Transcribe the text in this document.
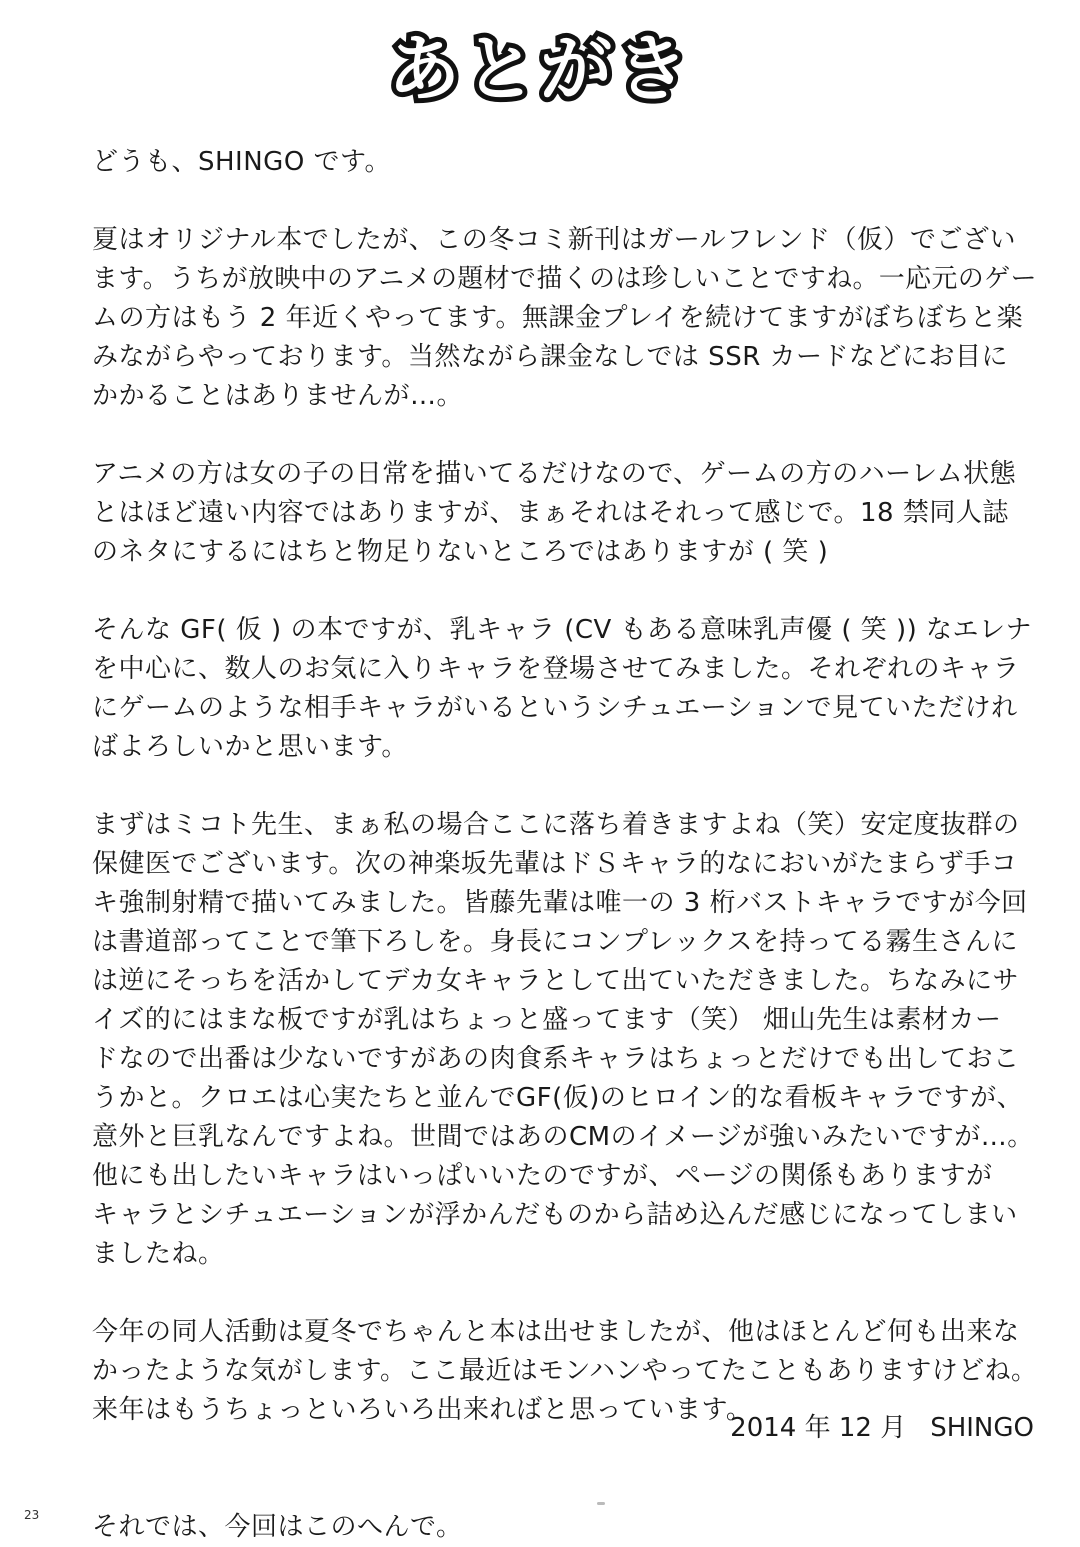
あとがき
どうも、SHINGO です。
夏はオリジナル本でしたが、この冬コミ新刊はガールフレンド（仮）でござい
ます。うちが放映中のアニメの題材で描くのは珍しいことですね。一応元のゲー
ムの方はもう 2 年近くやってます。無課金プレイを続けてますがぼちぼちと楽
みながらやっております。当然ながら課金なしでは SSR カードなどにお目に
かかることはありませんが…。
アニメの方は女の子の日常を描いてるだけなので、ゲームの方のハーレム状態
とはほど遠い内容ではありますが、まぁそれはそれって感じで。18 禁同人誌
のネタにするにはちと物足りないところではありますが ( 笑 )
そんな GF( 仮 ) の本ですが、乳キャラ (CV もある意味乳声優 ( 笑 )) なエレナ
を中心に、数人のお気に入りキャラを登場させてみました。それぞれのキャラ
にゲームのような相手キャラがいるというシチュエーションで見ていただけれ
ばよろしいかと思います。
まずはミコト先生、まぁ私の場合ここに落ち着きますよね（笑）安定度抜群の
保健医でございます。次の神楽坂先輩はドＳキャラ的なにおいがたまらず手コ
キ強制射精で描いてみました。皆藤先輩は唯一の 3 桁バストキャラですが今回
は書道部ってことで筆下ろしを。身長にコンプレックスを持ってる霧生さんに
は逆にそっちを活かしてデカ女キャラとして出ていただきました。ちなみにサ
イズ的にはまな板ですが乳はちょっと盛ってます（笑） 畑山先生は素材カー
ドなので出番は少ないですがあの肉食系キャラはちょっとだけでも出しておこ
うかと。クロエは心実たちと並んでGF(仮)のヒロイン的な看板キャラですが、
意外と巨乳なんですよね。世間ではあのCMのイメージが強いみたいですが…。
他にも出したいキャラはいっぱいいたのですが、ページの関係もありますが
キャラとシチュエーションが浮かんだものから詰め込んだ感じになってしまい
ましたね。
今年の同人活動は夏冬でちゃんと本は出せましたが、他はほとんど何も出来な
かったような気がします。ここ最近はモンハンやってたこともありますけどね。
来年はもうちょっといろいろ出来ればと思っています。
それでは、今回はこのへんで。
2014 年 12 月 SHINGO
23
